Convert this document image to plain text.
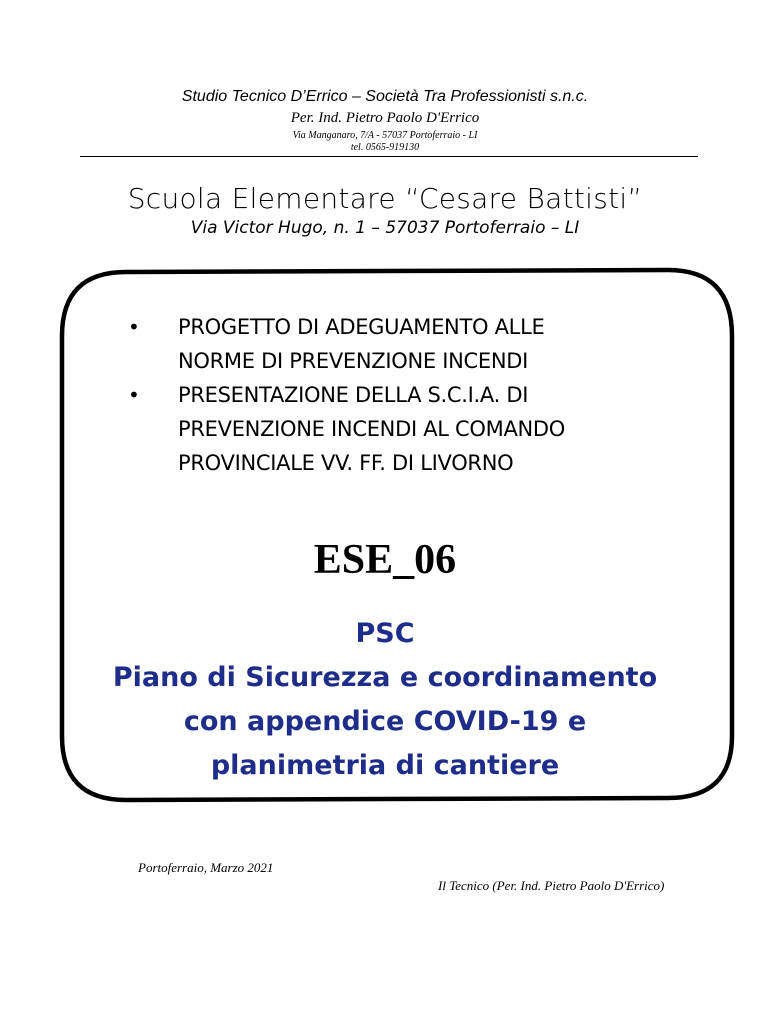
Studio Tecnico D’Errico – Società Tra Professionisti s.n.c.
Per. Ind. Pietro Paolo D'Errico
Via Manganaro, 7/A - 57037 Portoferraio - LI
tel. 0565-919130
Scuola Elementare “Cesare Battisti”
Via Victor Hugo, n. 1 – 57037 Portoferraio – LI
• PROGETTO DI ADEGUAMENTO ALLE
NORME DI PREVENZIONE INCENDI
• PRESENTAZIONE DELLA S.C.I.A. DI
PREVENZIONE INCENDI AL COMANDO
PROVINCIALE VV. FF. DI LIVORNO
ESE_06
PSC
Piano di Sicurezza e coordinamento
con appendice COVID-19 e
planimetria di cantiere
Portoferraio, Marzo 2021
Il Tecnico (Per. Ind. Pietro Paolo D'Errico)
